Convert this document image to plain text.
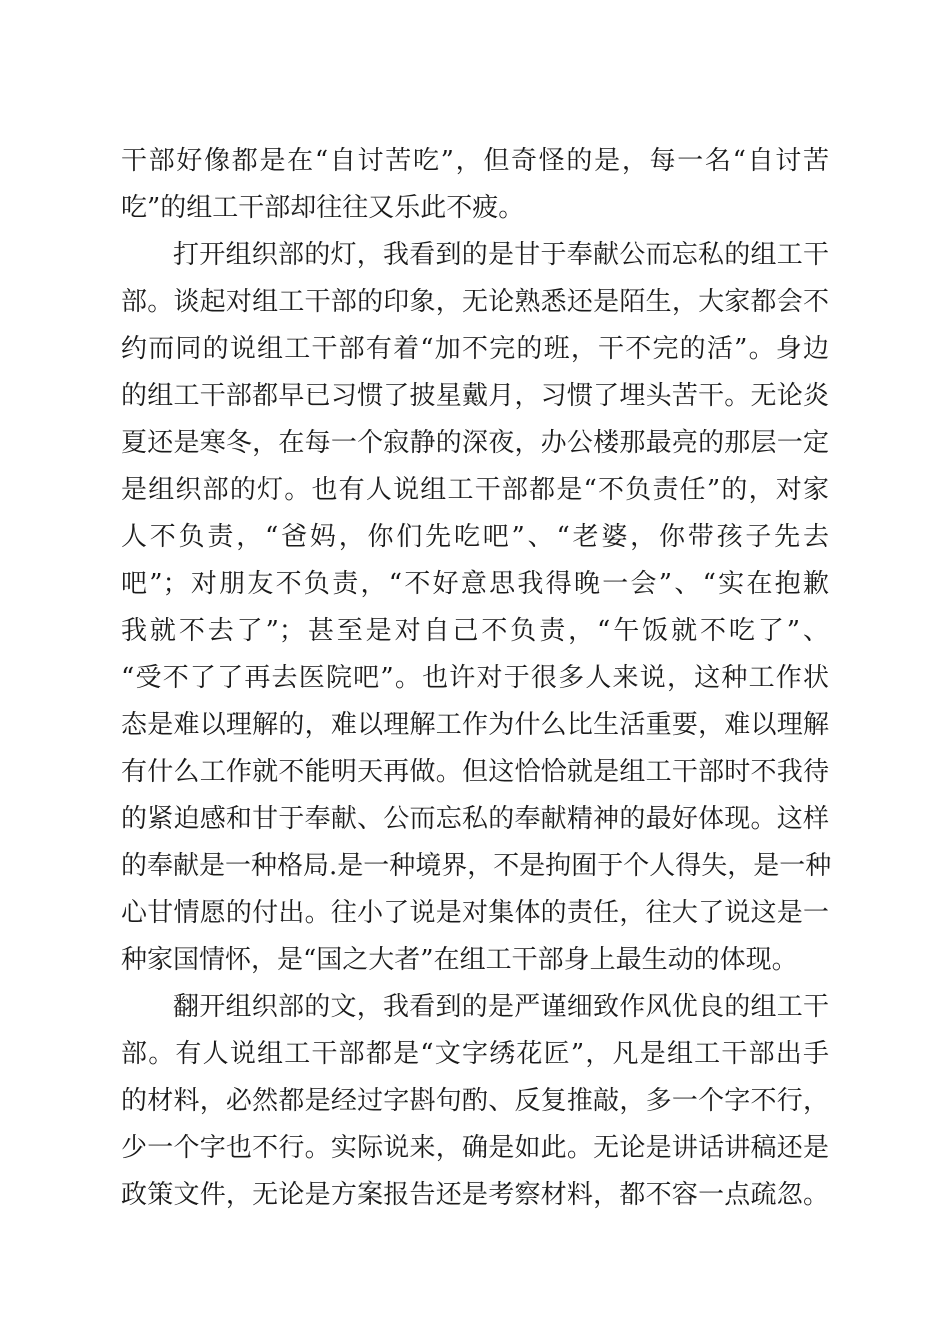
干部好像都是在“自讨苦吃”，但奇怪的是，每一名“自讨苦
吃”的组工干部却往往又乐此不疲。
打开组织部的灯，我看到的是甘于奉献公而忘私的组工干
部。谈起对组工干部的印象，无论熟悉还是陌生，大家都会不
约而同的说组工干部有着“加不完的班，干不完的活”。身边
的组工干部都早已习惯了披星戴月，习惯了埋头苦干。无论炎
夏还是寒冬，在每一个寂静的深夜，办公楼那最亮的那层一定
是组织部的灯。也有人说组工干部都是“不负责任”的，对家
人不负责，“爸妈，你们先吃吧”、“老婆，你带孩子先去
吧”；对朋友不负责，“不好意思我得晚一会”、“实在抱歉
我就不去了”；甚至是对自己不负责，“午饭就不吃了”、
“受不了了再去医院吧”。也许对于很多人来说，这种工作状
态是难以理解的，难以理解工作为什么比生活重要，难以理解
有什么工作就不能明天再做。但这恰恰就是组工干部时不我待
的紧迫感和甘于奉献、公而忘私的奉献精神的最好体现。这样
的奉献是一种格局.是一种境界，不是拘囿于个人得失，是一种
心甘情愿的付出。往小了说是对集体的责任，往大了说这是一
种家国情怀，是“国之大者”在组工干部身上最生动的体现。
翻开组织部的文，我看到的是严谨细致作风优良的组工干
部。有人说组工干部都是“文字绣花匠”，凡是组工干部出手
的材料，必然都是经过字斟句酌、反复推敲，多一个字不行，
少一个字也不行。实际说来，确是如此。无论是讲话讲稿还是
政策文件，无论是方案报告还是考察材料，都不容一点疏忽。
